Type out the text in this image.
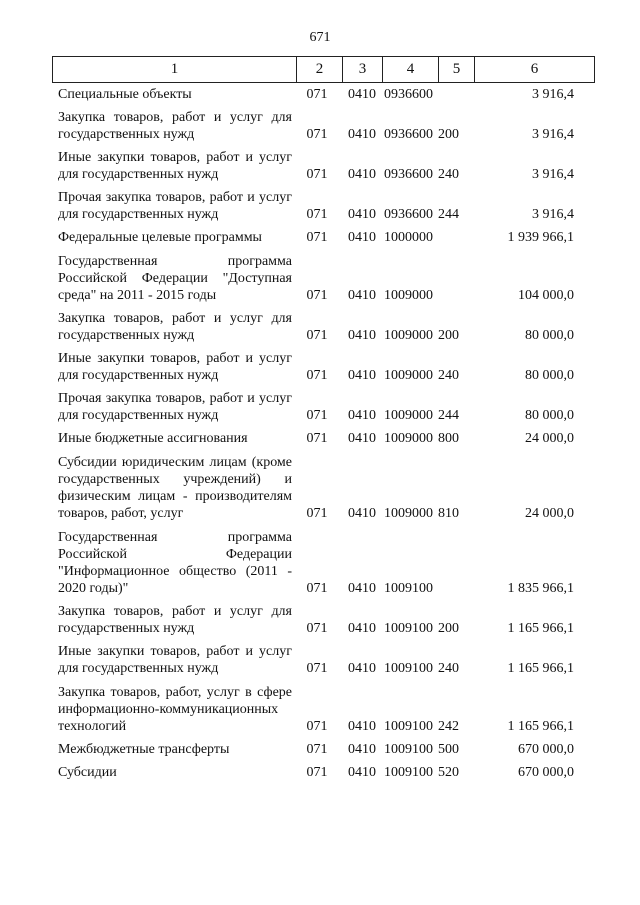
671
1	2	3	4	5	6
Специальные объекты	071	0410 0936600	3 916,4
Закупка товаров, работ и услуг для государственных нужд	071	0410 0936600 200	3 916,4
Иные закупки товаров, работ и услуг для государственных нужд	071	0410 0936600 240	3 916,4
Прочая закупка товаров, работ и услуг для государственных нужд	071	0410 0936600 244	3 916,4
Федеральные целевые программы	071	0410 1000000	1 939 966,1
Государственная программа Российской Федерации "Доступная среда" на 2011 - 2015 годы	071	0410 1009000	104 000,0
Закупка товаров, работ и услуг для государственных нужд	071	0410 1009000 200	80 000,0
Иные закупки товаров, работ и услуг для государственных нужд	071	0410 1009000 240	80 000,0
Прочая закупка товаров, работ и услуг для государственных нужд	071	0410 1009000 244	80 000,0
Иные бюджетные ассигнования	071	0410 1009000 800	24 000,0
Субсидии юридическим лицам (кроме государственных учреждений) и физическим лицам - производителям товаров, работ, услуг	071	0410 1009000 810	24 000,0
Государственная программа Российской Федерации "Информационное общество (2011 - 2020 годы)"	071	0410 1009100	1 835 966,1
Закупка товаров, работ и услуг для государственных нужд	071	0410 1009100 200	1 165 966,1
Иные закупки товаров, работ и услуг для государственных нужд	071	0410 1009100 240	1 165 966,1
Закупка товаров, работ, услуг в сфере информационно-коммуникационных технологий	071	0410 1009100 242	1 165 966,1
Межбюджетные трансферты	071	0410 1009100 500	670 000,0
Субсидии	071	0410 1009100 520	670 000,0
